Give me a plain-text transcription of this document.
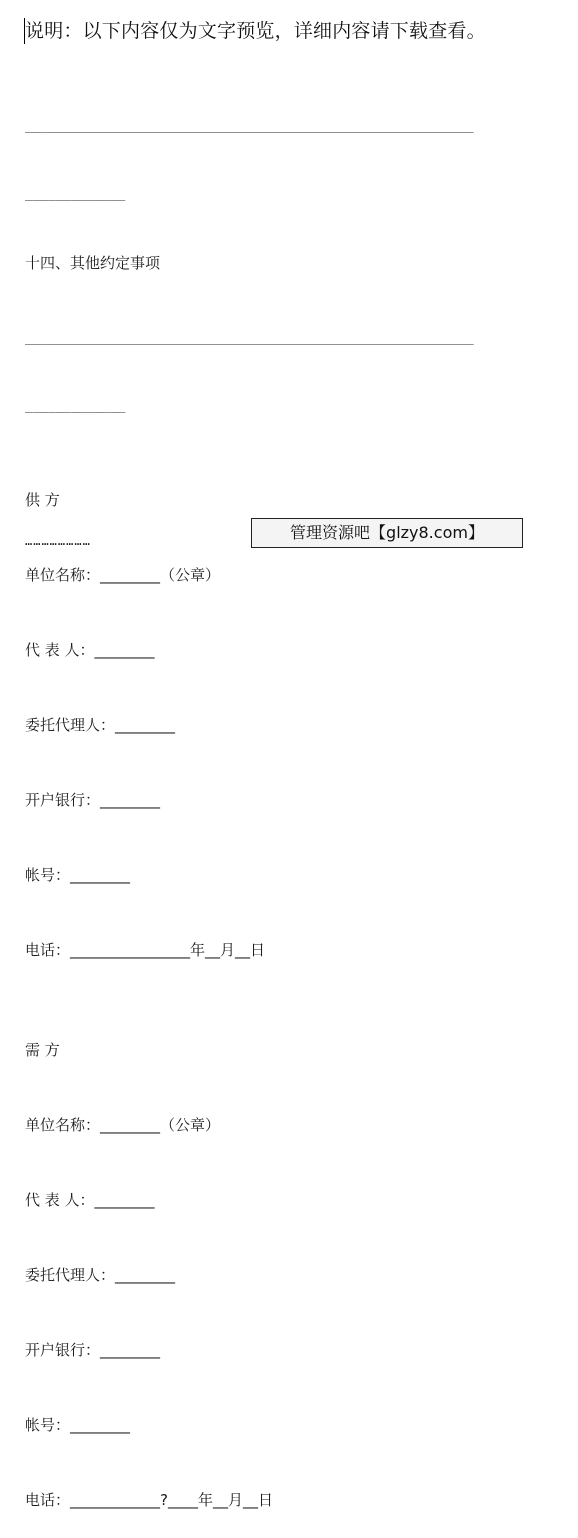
说明：以下内容仅为文字预览，详细内容请下载查看。

___________________________________________________________

_____________

十四、其他约定事项

___________________________________________________________

_____________

供 方

单位名称：________（公章）

代 表 人：________

委托代理人：________

开户银行：________

帐号：________

电话：________________年__月__日

需 方

单位名称：________（公章）

代 表 人：________

委托代理人：________

开户银行：________

帐号：________

电话：____________?____年__月__日

……………………	管理资源吧【glzy8.com】
